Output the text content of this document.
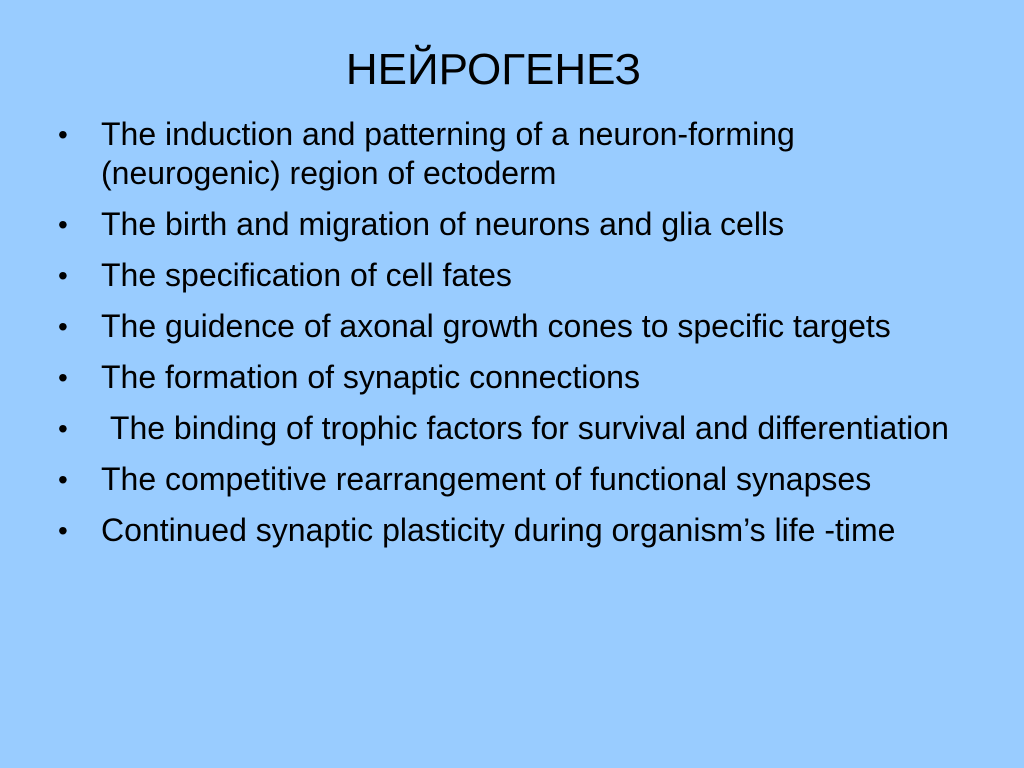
НЕЙРОГЕНЕЗ
•	The induction and patterning of a neuron-forming (neurogenic) region of ectoderm
•	The birth and migration of neurons and glia cells
•	The specification of cell fates
•	The guidence of axonal growth cones to specific targets
•	The formation of synaptic connections
•	The binding of trophic factors for survival and differentiation
•	The competitive rearrangement of functional synapses
•	Continued synaptic plasticity during organism’s life -time
